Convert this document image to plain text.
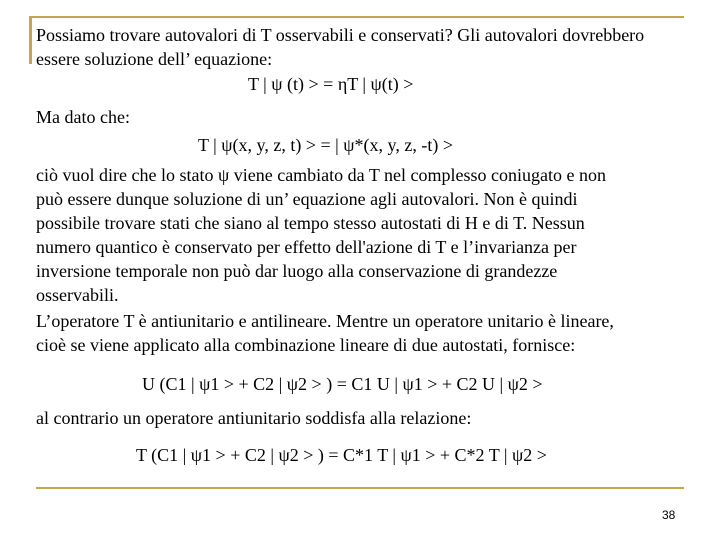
Possiamo trovare autovalori di T osservabili e conservati? Gli autovalori dovrebbero
essere soluzione dell’ equazione:
T | ψ (t) > = ηT | ψ(t) >
Ma dato che:
T | ψ(x, y, z, t) > = | ψ*(x, y, z, -t) >
ciò vuol dire che lo stato ψ viene cambiato da T nel complesso coniugato e non
può essere dunque soluzione di un’ equazione agli autovalori. Non è quindi
possibile trovare stati che siano al tempo stesso autostati di H e di T. Nessun
numero quantico è conservato per effetto dell'azione di T e l’invarianza per
inversione temporale non può dar luogo alla conservazione di grandezze
osservabili.
L’operatore T è antiunitario e antilineare. Mentre un operatore unitario è lineare,
cioè se viene applicato alla combinazione lineare di due autostati, fornisce:
U (C1 | ψ1 > + C2 | ψ2 > ) = C1 U | ψ1 > + C2 U | ψ2 >
al contrario un operatore antiunitario soddisfa alla relazione:
T (C1 | ψ1 > + C2 | ψ2 > ) = C*1 T | ψ1 > + C*2 T | ψ2 >
38
